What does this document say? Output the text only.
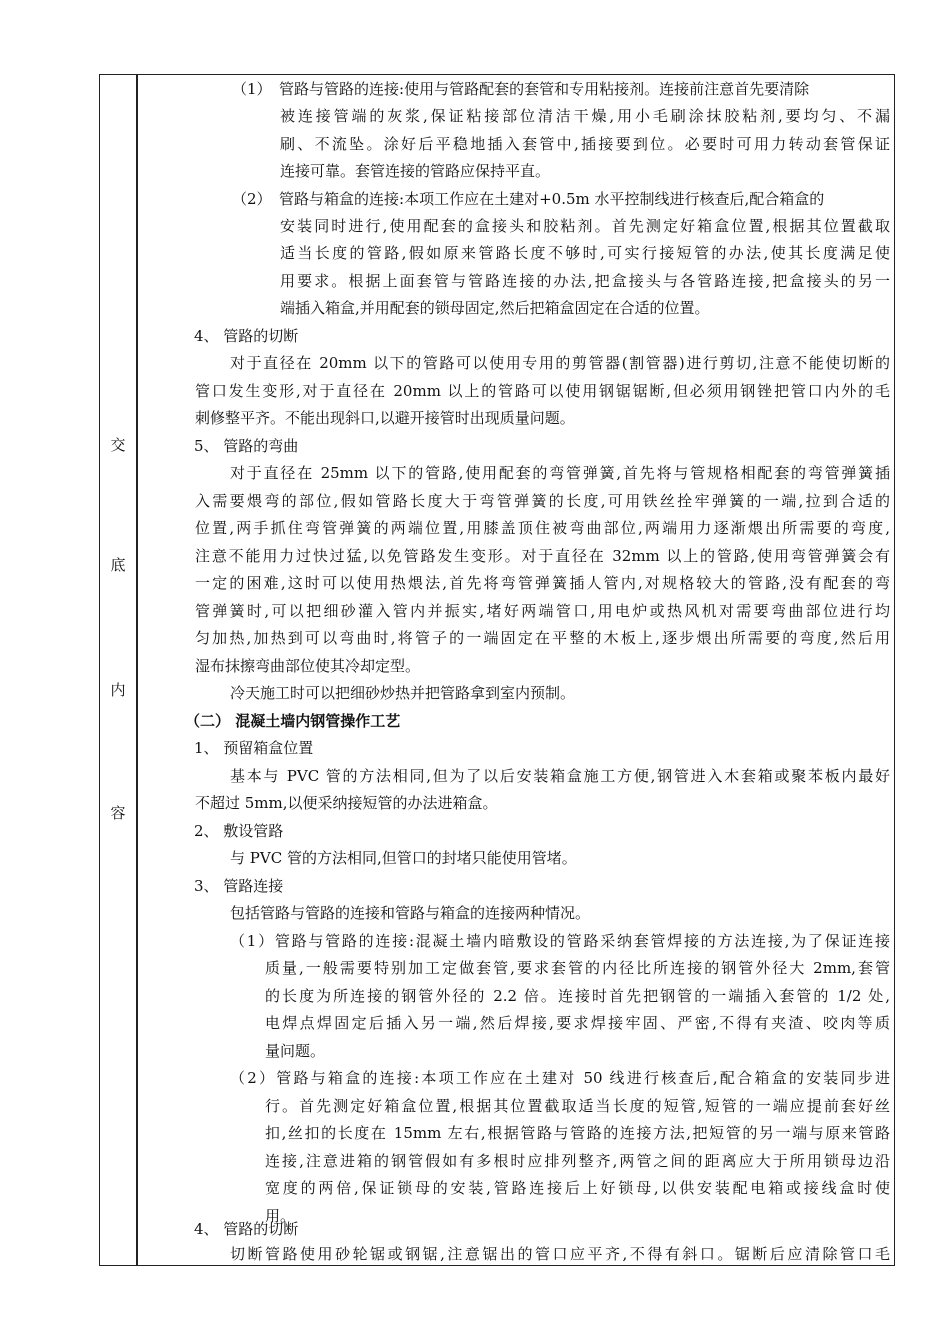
交
底
内
容
（1）　管路与管路的连接:使用与管路配套的套管和专用粘接剂。连接前注意首先要清除
被连接管端的灰浆,保证粘接部位清洁干燥,用小毛刷涂抹胶粘剂,要均匀、不漏
刷、不流坠。涂好后平稳地插入套管中,插接要到位。必要时可用力转动套管保证
连接可靠。套管连接的管路应保持平直。
（2）　管路与箱盒的连接:本项工作应在土建对+0.5m 水平控制线进行核查后,配合箱盒的
安装同时进行,使用配套的盒接头和胶粘剂。首先测定好箱盒位置,根据其位置截取
适当长度的管路,假如原来管路长度不够时,可实行接短管的办法,使其长度满足使
用要求。根据上面套管与管路连接的办法,把盒接头与各管路连接,把盒接头的另一
端插入箱盒,并用配套的锁母固定,然后把箱盒固定在合适的位置。
4、 管路的切断
对于直径在 20mm 以下的管路可以使用专用的剪管器(割管器)进行剪切,注意不能使切断的
管口发生变形,对于直径在 20mm 以上的管路可以使用钢锯锯断,但必须用钢锉把管口内外的毛
刺修整平齐。不能出现斜口,以避开接管时出现质量问题。
5、 管路的弯曲
对于直径在 25mm 以下的管路,使用配套的弯管弹簧,首先将与管规格相配套的弯管弹簧插
入需要煨弯的部位,假如管路长度大于弯管弹簧的长度,可用铁丝拴牢弹簧的一端,拉到合适的
位置,两手抓住弯管弹簧的两端位置,用膝盖顶住被弯曲部位,两端用力逐渐煨出所需要的弯度,
注意不能用力过快过猛,以免管路发生变形。对于直径在 32mm 以上的管路,使用弯管弹簧会有
一定的困难,这时可以使用热煨法,首先将弯管弹簧插人管内,对规格较大的管路,没有配套的弯
管弹簧时,可以把细砂灌入管内并振实,堵好两端管口,用电炉或热风机对需要弯曲部位进行均
匀加热,加热到可以弯曲时,将管子的一端固定在平整的木板上,逐步煨出所需要的弯度,然后用
湿布抹擦弯曲部位使其冷却定型。
冷天施工时可以把细砂炒热并把管路拿到室内预制。
（二） 混凝土墙内钢管操作工艺
1、 预留箱盒位置
基本与 PVC 管的方法相同,但为了以后安装箱盒施工方便,钢管进入木套箱或聚苯板内最好
不超过 5mm,以便采纳接短管的办法进箱盒。
2、 敷设管路
与 PVC 管的方法相同,但管口的封堵只能使用管堵。
3、 管路连接
包括管路与管路的连接和管路与箱盒的连接两种情况。
（1）管路与管路的连接:混凝土墙内暗敷设的管路采纳套管焊接的方法连接,为了保证连接
质量,一般需要特别加工定做套管,要求套管的内径比所连接的钢管外径大 2mm,套管
的长度为所连接的钢管外径的 2.2 倍。连接时首先把钢管的一端插入套管的 1/2 处,
电焊点焊固定后插入另一端,然后焊接,要求焊接牢固、严密,不得有夹渣、咬肉等质
量问题。
（2）管路与箱盒的连接:本项工作应在土建对 50 线进行核查后,配合箱盒的安装同步进
行。首先测定好箱盒位置,根据其位置截取适当长度的短管,短管的一端应提前套好丝
扣,丝扣的长度在 15mm 左右,根据管路与管路的连接方法,把短管的另一端与原来管路
连接,注意进箱的钢管假如有多根时应排列整齐,两管之间的距离应大于所用锁母边沿
宽度的两倍,保证锁母的安装,管路连接后上好锁母,以供安装配电箱或接线盒时使
用。
4、 管路的切断
切断管路使用砂轮锯或钢锯,注意锯出的管口应平齐,不得有斜口。锯断后应清除管口毛
